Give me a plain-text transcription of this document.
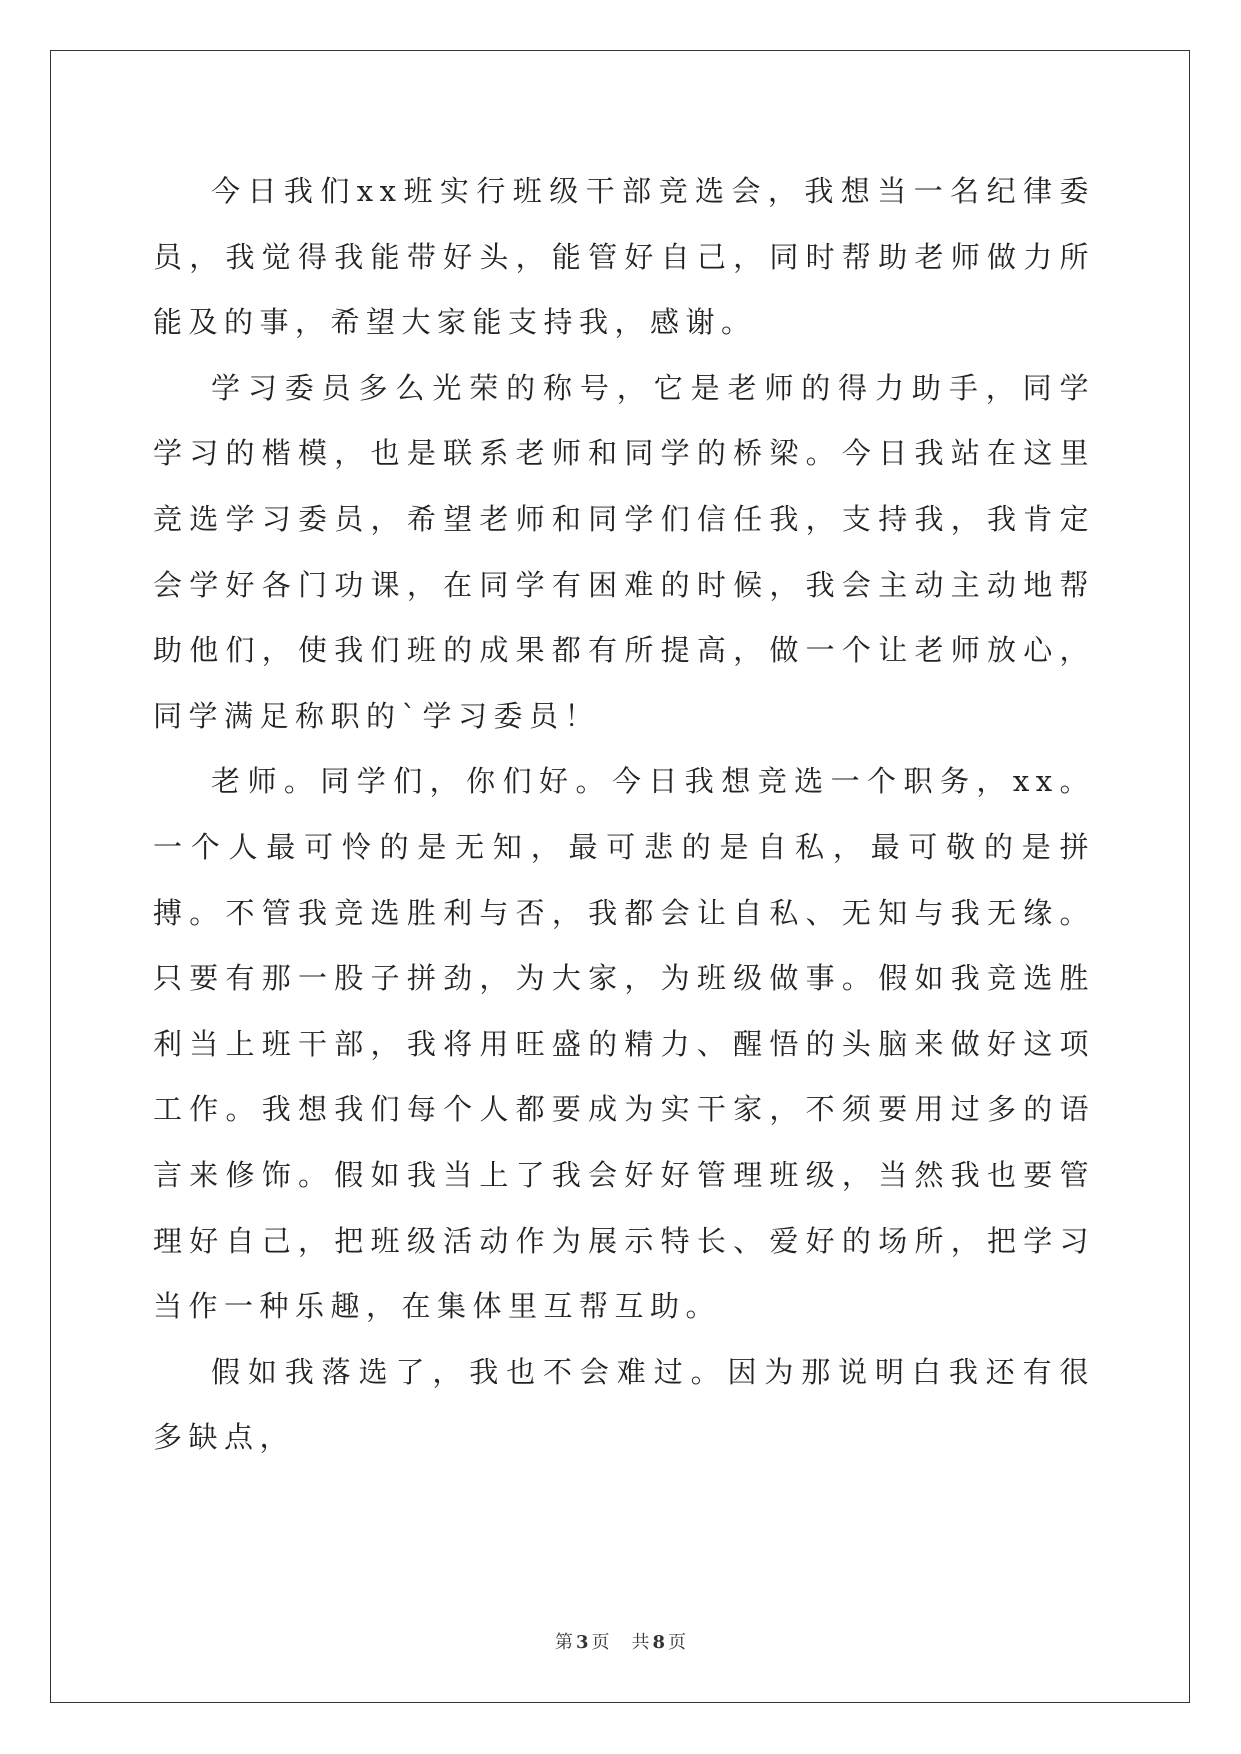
今日我们xx班实行班级干部竞选会，我想当一名纪律委员，我觉得我能带好头，能管好自己，同时帮助老师做力所能及的事，希望大家能支持我，感谢。

学习委员多么光荣的称号，它是老师的得力助手，同学学习的楷模，也是联系老师和同学的桥梁。今日我站在这里竞选学习委员，希望老师和同学们信任我，支持我，我肯定会学好各门功课，在同学有困难的时候，我会主动主动地帮助他们，使我们班的成果都有所提高，做一个让老师放心，同学满足称职的`学习委员！

老师。同学们，你们好。今日我想竞选一个职务，xx。一个人最可怜的是无知，最可悲的是自私，最可敬的是拼搏。不管我竞选胜利与否，我都会让自私、无知与我无缘。只要有那一股子拼劲，为大家，为班级做事。假如我竞选胜利当上班干部，我将用旺盛的精力、醒悟的头脑来做好这项工作。我想我们每个人都要成为实干家，不须要用过多的语言来修饰。假如我当上了我会好好管理班级，当然我也要管理好自己，把班级活动作为展示特长、爱好的场所，把学习当作一种乐趣，在集体里互帮互助。

假如我落选了，我也不会难过。因为那说明白我还有很多缺点，

第 3 页 共 8 页
